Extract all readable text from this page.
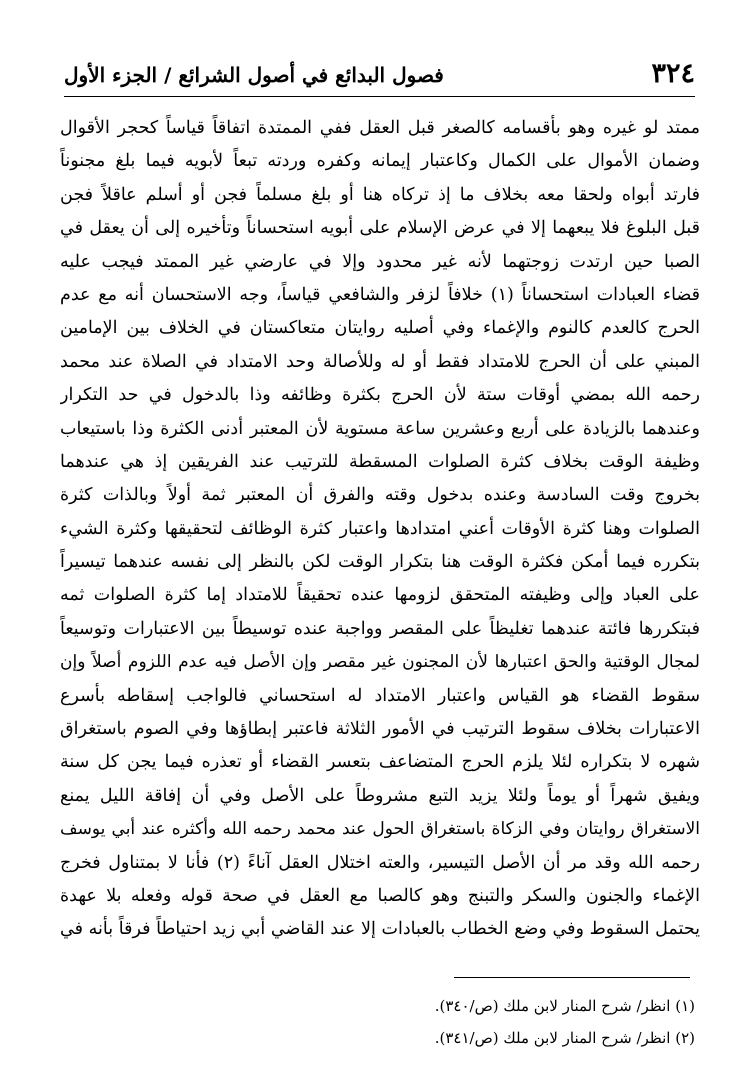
٣٢٤
فصول البدائع في أصول الشرائع / الجزء الأول
ممتد لو غيره وهو بأقسامه كالصغر قبل العقل ففي الممتدة اتفاقاً قياساً كحجر الأقوال
وضمان الأموال على الكمال وكاعتبار إيمانه وكفره وردته تبعاً لأبويه فيما بلغ مجنوناً
فارتد أبواه ولحقا معه بخلاف ما إذ تركاه هنا أو بلغ مسلماً فجن أو أسلم عاقلاً فجن
قبل البلوغ فلا يبعهما إلا في عرض الإسلام على أبويه استحساناً وتأخيره إلى أن يعقل في
الصبا حين ارتدت زوجتهما لأنه غير محدود وإلا في عارضي غير الممتد فيجب عليه
قضاء العبادات استحساناً (١) خلافاً لزفر والشافعي قياساً، وجه الاستحسان أنه مع عدم
الحرج كالعدم كالنوم والإغماء وفي أصليه روايتان متعاكستان في الخلاف بين الإمامين
المبني على أن الحرج للامتداد فقط أو له وللأصالة وحد الامتداد في الصلاة عند محمد
رحمه الله بمضي أوقات ستة لأن الحرج بكثرة وظائفه وذا بالدخول في حد التكرار
وعندهما بالزيادة على أربع وعشرين ساعة مستوية لأن المعتبر أدنى الكثرة وذا باستيعاب
وظيفة الوقت بخلاف كثرة الصلوات المسقطة للترتيب عند الفريقين إذ هي عندهما
بخروج وقت السادسة وعنده بدخول وقته والفرق أن المعتبر ثمة أولاً وبالذات كثرة
الصلوات وهنا كثرة الأوقات أعني امتدادها واعتبار كثرة الوظائف لتحقيقها وكثرة الشيء
بتكرره فيما أمكن فكثرة الوقت هنا بتكرار الوقت لكن بالنظر إلى نفسه عندهما تيسيراً
على العباد وإلى وظيفته المتحقق لزومها عنده تحقيقاً للامتداد إما كثرة الصلوات ثمه
فبتكررها فائتة عندهما تغليظاً على المقصر وواجبة عنده توسيطاً بين الاعتبارات وتوسيعاً
لمجال الوقتية والحق اعتبارها لأن المجنون غير مقصر وإن الأصل فيه عدم اللزوم أصلاً وإن
سقوط القضاء هو القياس واعتبار الامتداد له استحساني فالواجب إسقاطه بأسرع
الاعتبارات بخلاف سقوط الترتيب في الأمور الثلاثة فاعتبر إبطاؤها وفي الصوم باستغراق
شهره لا بتكراره لئلا يلزم الحرج المتضاعف بتعسر القضاء أو تعذره فيما يجن كل سنة
ويفيق شهراً أو يوماً ولئلا يزيد التبع مشروطاً على الأصل وفي أن إفاقة الليل يمنع
الاستغراق روايتان وفي الزكاة باستغراق الحول عند محمد رحمه الله وأكثره عند أبي يوسف
رحمه الله وقد مر أن الأصل التيسير، والعته اختلال العقل آناءً (٢) فأنا لا بمتناول فخرج
الإغماء والجنون والسكر والتبنج وهو كالصبا مع العقل في صحة قوله وفعله بلا عهدة
يحتمل السقوط وفي وضع الخطاب بالعبادات إلا عند القاضي أبي زيد احتياطاً فرقاً بأنه في
(١) انظر/ شرح المنار لابن ملك (ص/٣٤٠).
(٢) انظر/ شرح المنار لابن ملك (ص/٣٤١).
